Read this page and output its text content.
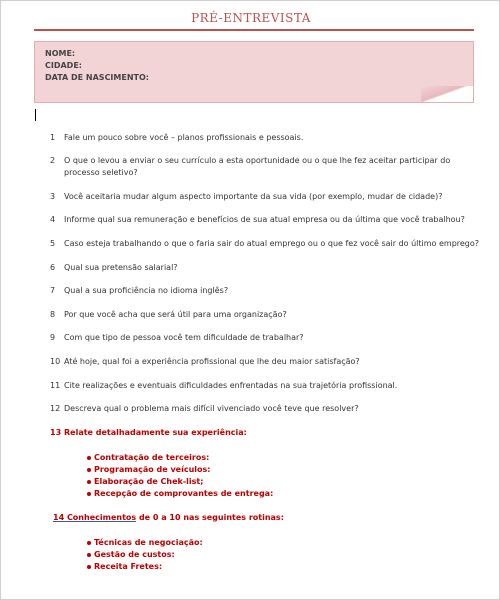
PRÉ-ENTREVISTA
NOME:
CIDADE:
DATA DE NASCIMENTO:
1	Fale um pouco sobre você – planos profissionais e pessoais.
2	O que o levou a enviar o seu currículo a esta oportunidade ou o que lhe fez aceitar participar do processo seletivo?
3	Você aceitaria mudar algum aspecto importante da sua vida (por exemplo, mudar de cidade)?
4	Informe qual sua remuneração e benefícios de sua atual empresa ou da última que você trabalhou?
5	Caso esteja trabalhando o que o faria sair do atual emprego ou o que fez você sair do último emprego?
6	Qual sua pretensão salarial?
7	Qual a sua proficiência no idioma inglês?
8	Por que você acha que será útil para uma organização?
9	Com que tipo de pessoa você tem dificuldade de trabalhar?
10 Até hoje, qual foi a experiência profissional que lhe deu maior satisfação?
11 Cite realizações e eventuais dificuldades enfrentadas na sua trajetória profissional.
12 Descreva qual o problema mais difícil vivenciado você teve que resolver?
13 Relate detalhadamente sua experiência:
Contratação de terceiros:
Programação de veículos:
Elaboração de Chek-list;
Recepção de comprovantes de entrega:
14 Conhecimentos de 0 a 10 nas seguintes rotinas:
Técnicas de negociação:
Gestão de custos:
Receita Fretes:
